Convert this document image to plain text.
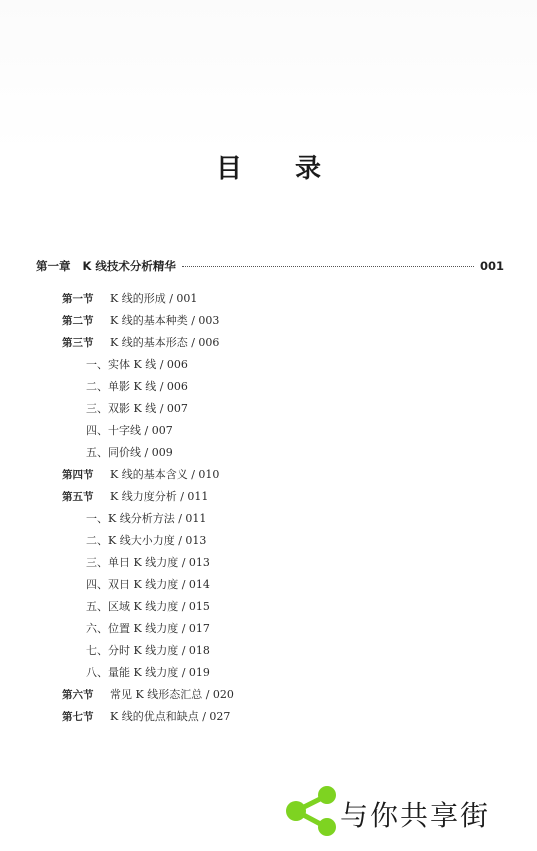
目 录
第一章 K 线技术分析精华	001
第一节 K 线的形成 / 001
第二节 K 线的基本种类 / 003
第三节 K 线的基本形态 / 006
一、实体 K 线 / 006
二、单影 K 线 / 006
三、双影 K 线 / 007
四、十字线 / 007
五、同价线 / 009
第四节 K 线的基本含义 / 010
第五节 K 线力度分析 / 011
一、K 线分析方法 / 011
二、K 线大小力度 / 013
三、单日 K 线力度 / 013
四、双日 K 线力度 / 014
五、区域 K 线力度 / 015
六、位置 K 线力度 / 017
七、分时 K 线力度 / 018
八、量能 K 线力度 / 019
第六节 常见 K 线形态汇总 / 020
第七节 K 线的优点和缺点 / 027
与你共享街
